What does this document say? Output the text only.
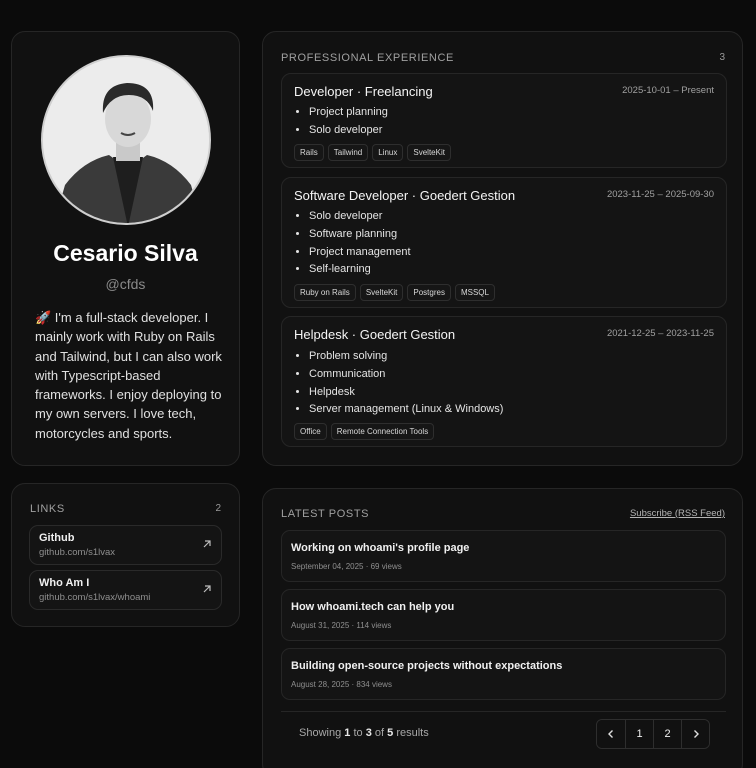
Cesario Silva
@cfds
🚀 I'm a full-stack developer. I mainly work with Ruby on Rails and Tailwind, but I can also work with Typescript-based frameworks. I enjoy deploying to my own servers. I love tech, motorcycles and sports.
LINKS	2
Github
github.com/s1lvax
Who Am I
github.com/s1lvax/whoami
PROFESSIONAL EXPERIENCE	3
Developer · Freelancing	2025-10-01 – Present
• Project planning
• Solo developer
Rails	Tailwind	Linux	SvelteKit
Software Developer · Goedert Gestion	2023-11-25 – 2025-09-30
• Solo developer
• Software planning
• Project management
• Self-learning
Ruby on Rails	SvelteKit	Postgres	MSSQL
Helpdesk · Goedert Gestion	2021-12-25 – 2023-11-25
• Problem solving
• Communication
• Helpdesk
• Server management (Linux & Windows)
Office	Remote Connection Tools
LATEST POSTS	Subscribe (RSS Feed)
Working on whoami's profile page
September 04, 2025 · 69 views
How whoami.tech can help you
August 31, 2025 · 114 views
Building open-source projects without expectations
August 28, 2025 · 834 views
Showing 1 to 3 of 5 results	1	2
